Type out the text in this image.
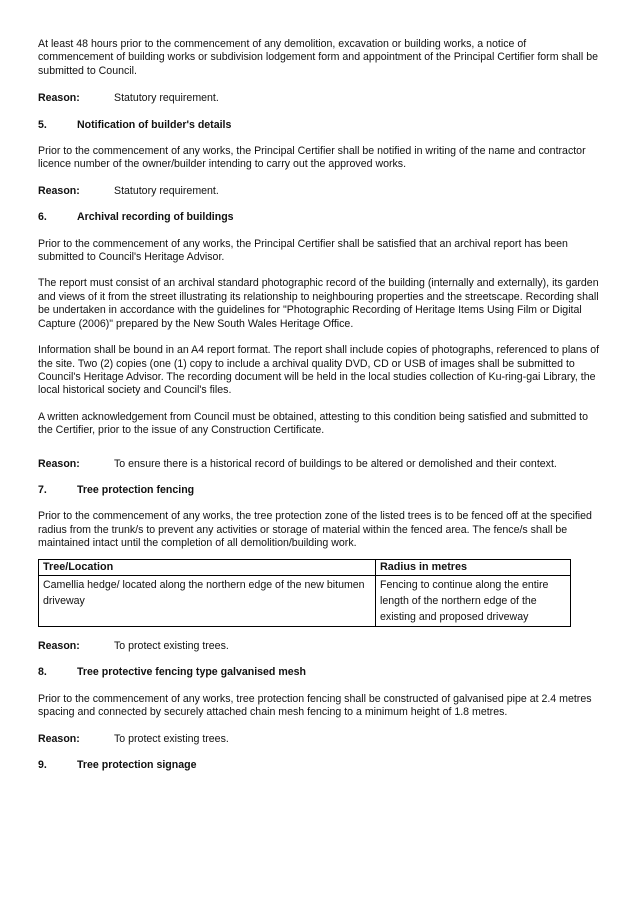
At least 48 hours prior to the commencement of any demolition, excavation or building works, a notice of commencement of building works or subdivision lodgement form and appointment of the Principal Certifier form shall be submitted to Council.

Reason:	Statutory requirement.
5.	Notification of builder's details

Prior to the commencement of any works, the Principal Certifier shall be notified in writing of the name and contractor licence number of the owner/builder intending to carry out the approved works.

Reason:	Statutory requirement.
6.	Archival recording of buildings

Prior to the commencement of any works, the Principal Certifier shall be satisfied that an archival report has been submitted to Council's Heritage Advisor.

The report must consist of an archival standard photographic record of the building (internally and externally), its garden and views of it from the street illustrating its relationship to neighbouring properties and the streetscape. Recording shall be undertaken in accordance with the guidelines for "Photographic Recording of Heritage Items Using Film or Digital Capture (2006)" prepared by the New South Wales Heritage Office.

Information shall be bound in an A4 report format. The report shall include copies of photographs, referenced to plans of the site. Two (2) copies (one (1) copy to include a archival quality DVD, CD or USB of images shall be submitted to Council's Heritage Advisor. The recording document will be held in the local studies collection of Ku-ring-gai Library, the local historical society and Council's files.

A written acknowledgement from Council must be obtained, attesting to this condition being satisfied and submitted to the Certifier, prior to the issue of any Construction Certificate.

Reason:	To ensure there is a historical record of buildings to be altered or demolished and their context.
7.	Tree protection fencing

Prior to the commencement of any works, the tree protection zone of the listed trees is to be fenced off at the specified radius from the trunk/s to prevent any activities or storage of material within the fenced area. The fence/s shall be maintained intact until the completion of all demolition/building work.

Tree/Location	Radius in metres
Camellia hedge/ located along the northern edge of the new bitumen driveway	Fencing to continue along the entire length of the northern edge of the existing and proposed driveway
Reason:	To protect existing trees.
8.	Tree protective fencing type galvanised mesh

Prior to the commencement of any works, tree protection fencing shall be constructed of galvanised pipe at 2.4 metres spacing and connected by securely attached chain mesh fencing to a minimum height of 1.8 metres.

Reason:	To protect existing trees.
9.	Tree protection signage
